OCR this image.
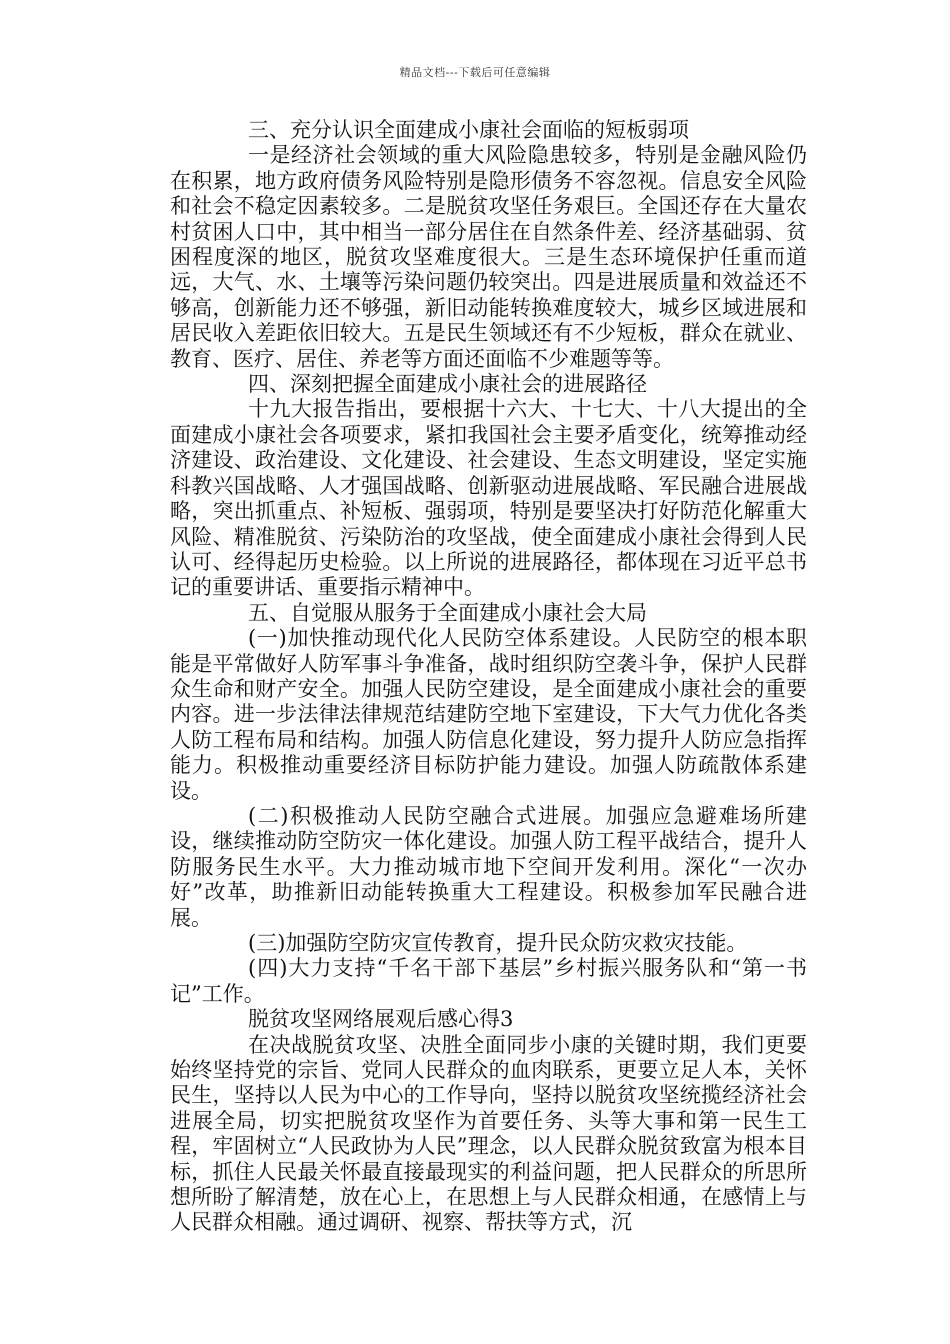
精品文档---下载后可任意编辑

三、充分认识全面建成小康社会面临的短板弱项

一是经济社会领域的重大风险隐患较多，特别是金融风险仍在积累，地方政府债务风险特别是隐形债务不容忽视。信息安全风险和社会不稳定因素较多。二是脱贫攻坚任务艰巨。全国还存在大量农村贫困人口中，其中相当一部分居住在自然条件差、经济基础弱、贫困程度深的地区，脱贫攻坚难度很大。三是生态环境保护任重而道远，大气、水、土壤等污染问题仍较突出。四是进展质量和效益还不够高，创新能力还不够强，新旧动能转换难度较大，城乡区域进展和居民收入差距依旧较大。五是民生领域还有不少短板，群众在就业、教育、医疗、居住、养老等方面还面临不少难题等等。

四、深刻把握全面建成小康社会的进展路径

十九大报告指出，要根据十六大、十七大、十八大提出的全面建成小康社会各项要求，紧扣我国社会主要矛盾变化，统筹推动经济建设、政治建设、文化建设、社会建设、生态文明建设，坚定实施科教兴国战略、人才强国战略、创新驱动进展战略、军民融合进展战略，突出抓重点、补短板、强弱项，特别是要坚决打好防范化解重大风险、精准脱贫、污染防治的攻坚战，使全面建成小康社会得到人民认可、经得起历史检验。以上所说的进展路径，都体现在习近平总书记的重要讲话、重要指示精神中。

五、自觉服从服务于全面建成小康社会大局

(一)加快推动现代化人民防空体系建设。人民防空的根本职能是平常做好人防军事斗争准备，战时组织防空袭斗争，保护人民群众生命和财产安全。加强人民防空建设，是全面建成小康社会的重要内容。进一步法律法律规范结建防空地下室建设，下大气力优化各类人防工程布局和结构。加强人防信息化建设，努力提升人防应急指挥能力。积极推动重要经济目标防护能力建设。加强人防疏散体系建设。

(二)积极推动人民防空融合式进展。加强应急避难场所建设，继续推动防空防灾一体化建设。加强人防工程平战结合，提升人防服务民生水平。大力推动城市地下空间开发利用。深化“一次办好”改革，助推新旧动能转换重大工程建设。积极参加军民融合进展。

(三)加强防空防灾宣传教育，提升民众防灾救灾技能。

(四)大力支持“千名干部下基层”乡村振兴服务队和“第一书记”工作。

脱贫攻坚网络展观后感心得3

在决战脱贫攻坚、决胜全面同步小康的关键时期，我们更要始终坚持党的宗旨、党同人民群众的血肉联系，更要立足人本，关怀民生，坚持以人民为中心的工作导向，坚持以脱贫攻坚统揽经济社会进展全局，切实把脱贫攻坚作为首要任务、头等大事和第一民生工程，牢固树立“人民政协为人民”理念，以人民群众脱贫致富为根本目标，抓住人民最关怀最直接最现实的利益问题，把人民群众的所思所想所盼了解清楚，放在心上，在思想上与人民群众相通，在感情上与人民群众相融。通过调研、视察、帮扶等方式，沉
